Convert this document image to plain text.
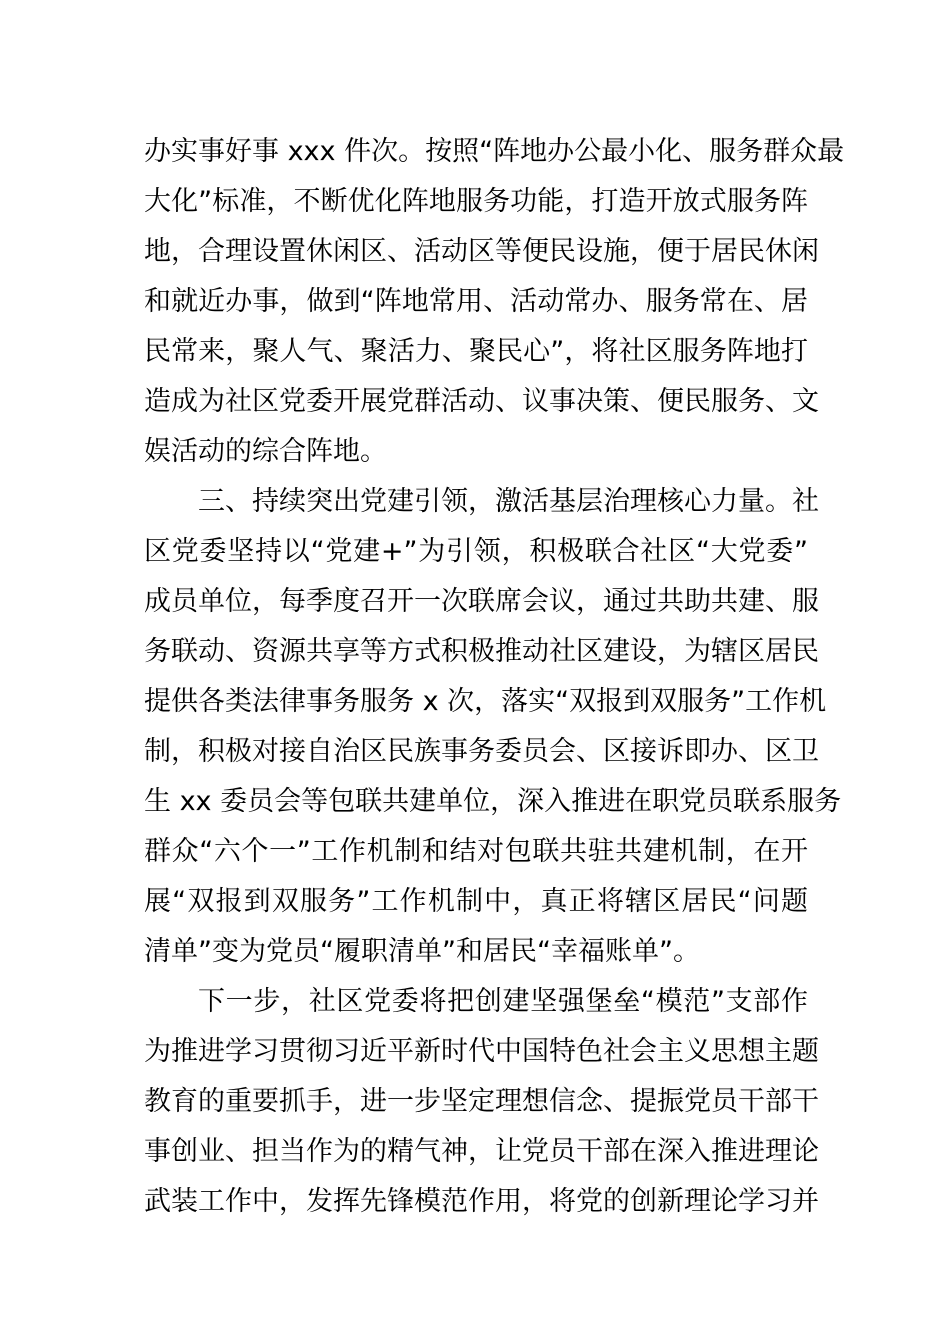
办实事好事 xxx 件次。按照“阵地办公最小化、服务群众最
大化”标准，不断优化阵地服务功能，打造开放式服务阵
地，合理设置休闲区、活动区等便民设施，便于居民休闲
和就近办事，做到“阵地常用、活动常办、服务常在、居
民常来，聚人气、聚活力、聚民心”，将社区服务阵地打
造成为社区党委开展党群活动、议事决策、便民服务、文
娱活动的综合阵地。
三、持续突出党建引领，激活基层治理核心力量。社
区党委坚持以“党建+”为引领，积极联合社区“大党委”
成员单位，每季度召开一次联席会议，通过共助共建、服
务联动、资源共享等方式积极推动社区建设，为辖区居民
提供各类法律事务服务 x 次，落实“双报到双服务”工作机
制，积极对接自治区民族事务委员会、区接诉即办、区卫
生 xx 委员会等包联共建单位，深入推进在职党员联系服务
群众“六个一”工作机制和结对包联共驻共建机制，在开
展“双报到双服务”工作机制中，真正将辖区居民“问题
清单”变为党员“履职清单”和居民“幸福账单”。
下一步，社区党委将把创建坚强堡垒“模范”支部作
为推进学习贯彻习近平新时代中国特色社会主义思想主题
教育的重要抓手，进一步坚定理想信念、提振党员干部干
事创业、担当作为的精气神，让党员干部在深入推进理论
武装工作中，发挥先锋模范作用，将党的创新理论学习并
